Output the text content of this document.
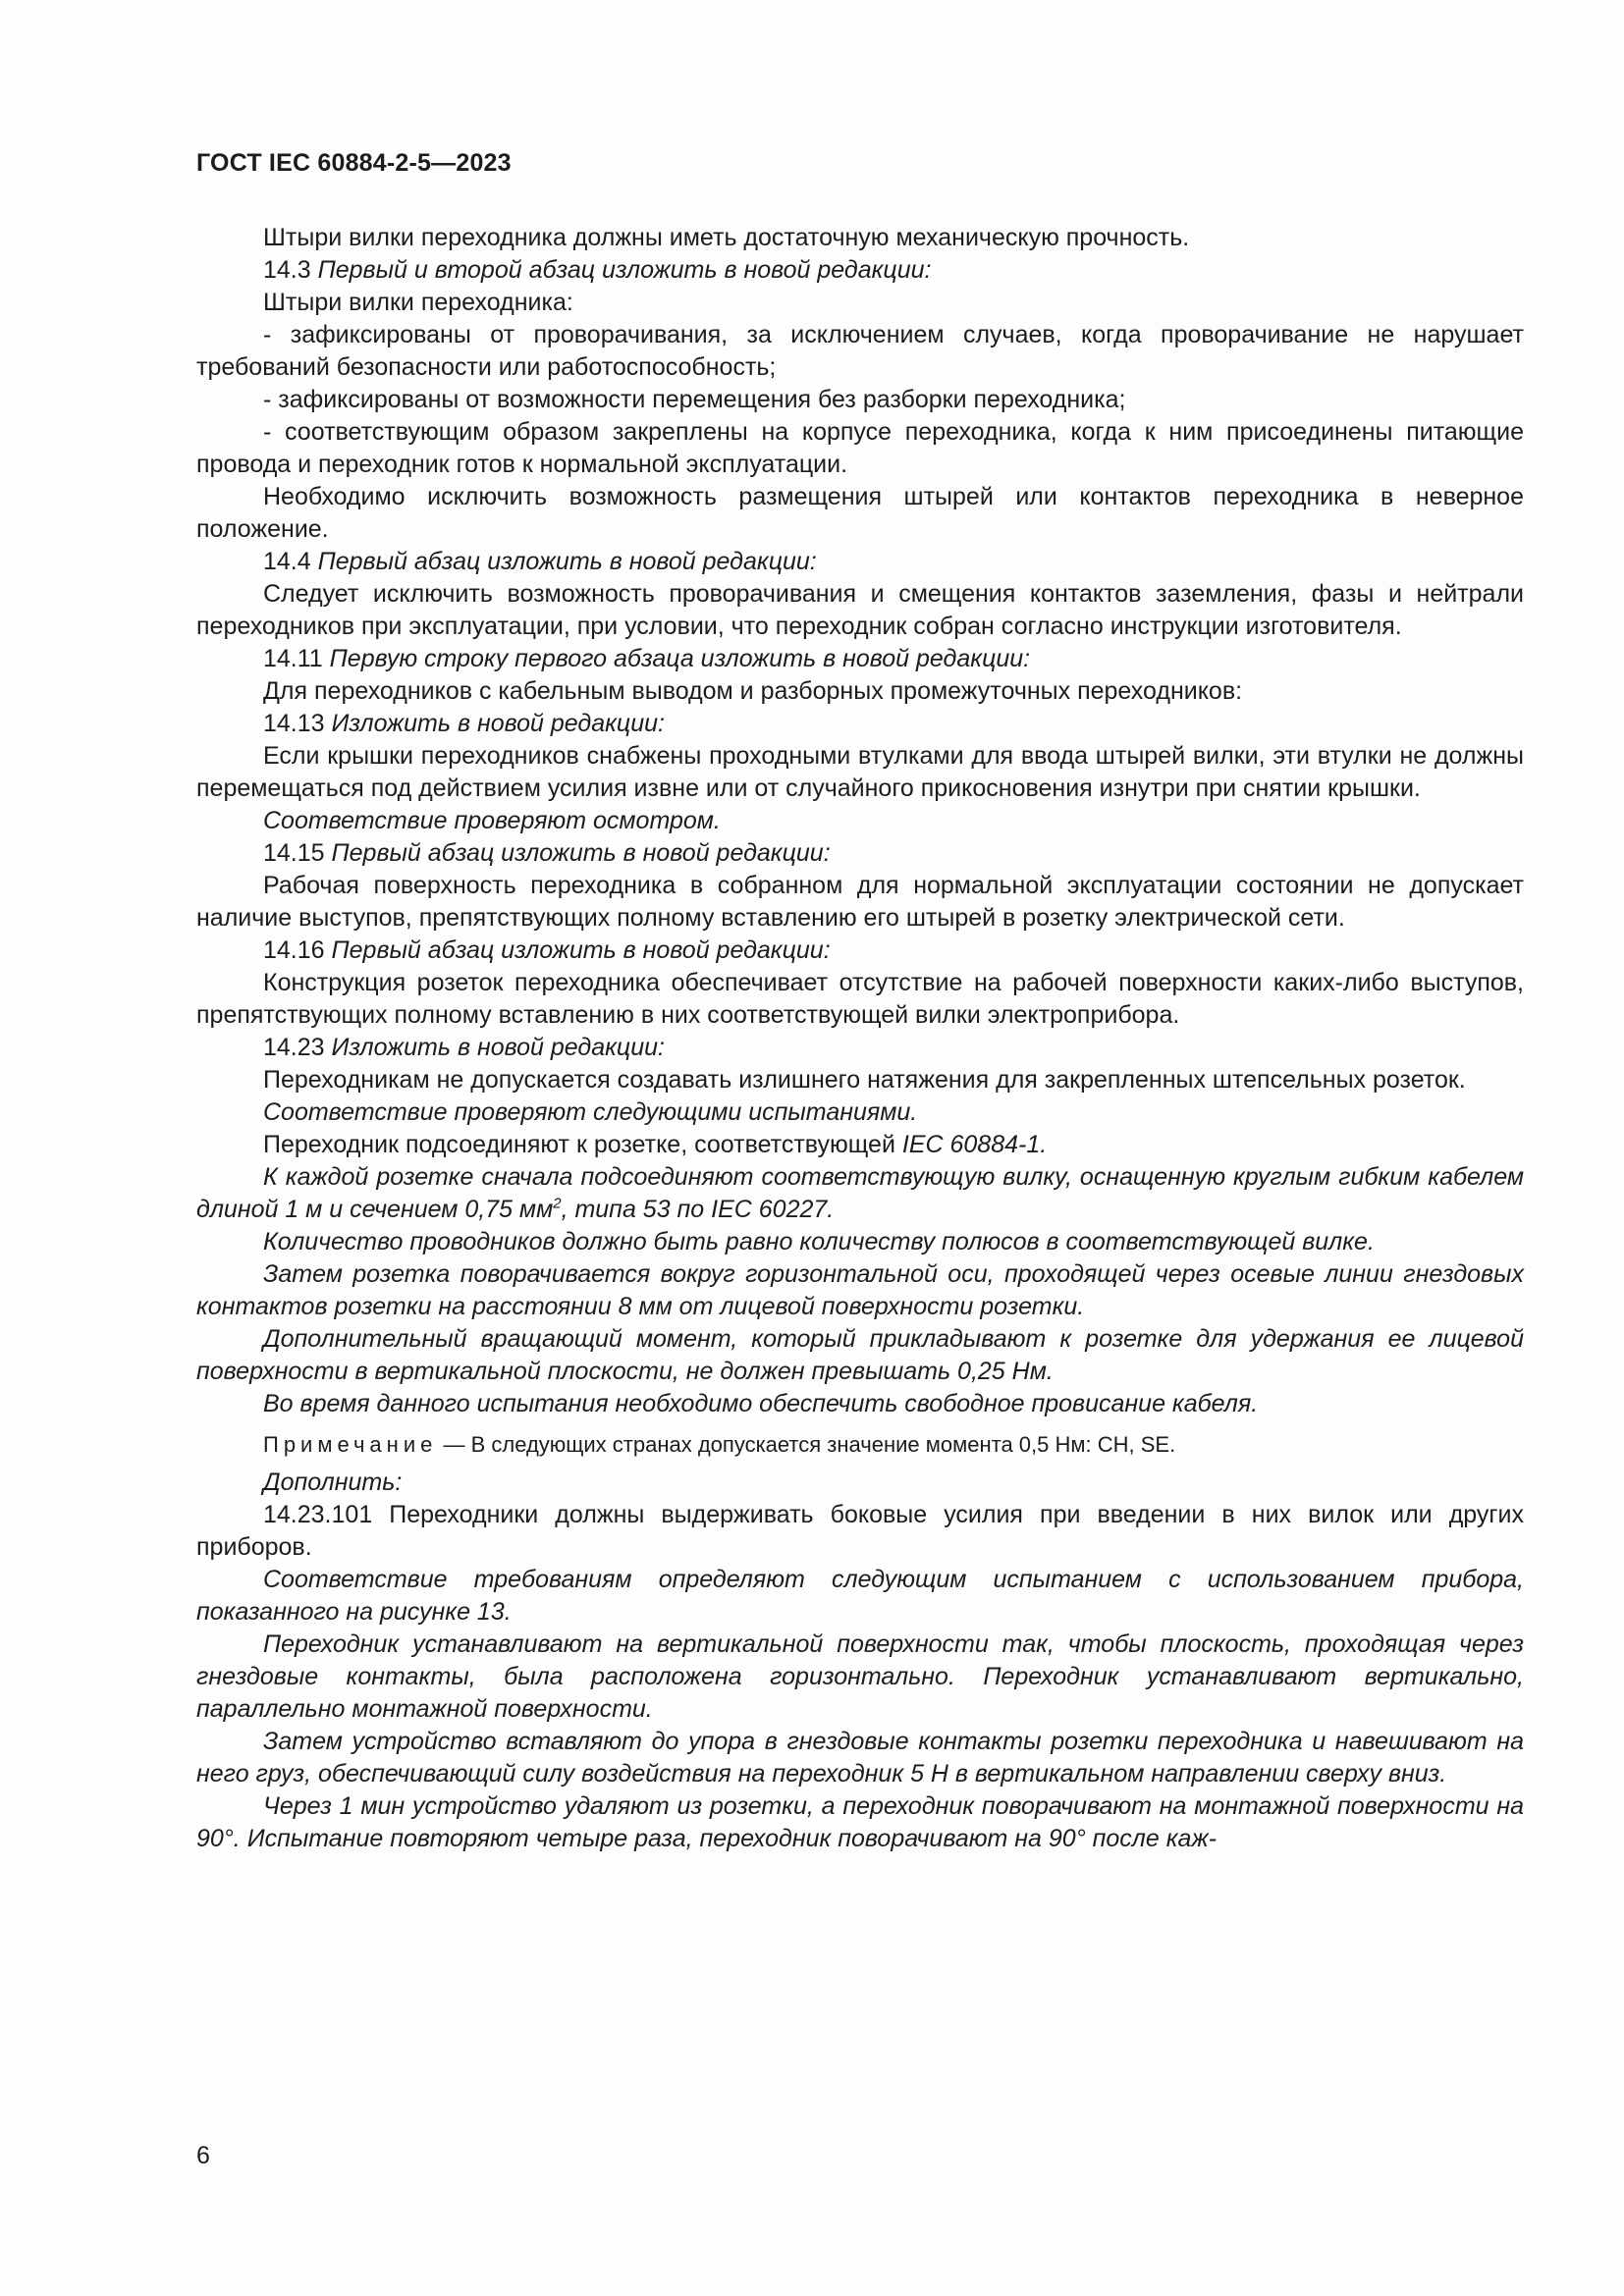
ГОСТ IEC 60884-2-5—2023

Штыри вилки переходника должны иметь достаточную механическую прочность.

14.3 Первый и второй абзац изложить в новой редакции:

Штыри вилки переходника:

- зафиксированы от проворачивания, за исключением случаев, когда проворачивание не нарушает требований безопасности или работоспособность;

- зафиксированы от возможности перемещения без разборки переходника;

- соответствующим образом закреплены на корпусе переходника, когда к ним присоединены питающие провода и переходник готов к нормальной эксплуатации.

Необходимо исключить возможность размещения штырей или контактов переходника в неверное положение.

14.4 Первый абзац изложить в новой редакции:

Следует исключить возможность проворачивания и смещения контактов заземления, фазы и нейтрали переходников при эксплуатации, при условии, что переходник собран согласно инструкции изготовителя.

14.11 Первую строку первого абзаца изложить в новой редакции:

Для переходников с кабельным выводом и разборных промежуточных переходников:

14.13 Изложить в новой редакции:

Если крышки переходников снабжены проходными втулками для ввода штырей вилки, эти втулки не должны перемещаться под действием усилия извне или от случайного прикосновения изнутри при снятии крышки.

Соответствие проверяют осмотром.

14.15 Первый абзац изложить в новой редакции:

Рабочая поверхность переходника в собранном для нормальной эксплуатации состоянии не допускает наличие выступов, препятствующих полному вставлению его штырей в розетку электрической сети.

14.16 Первый абзац изложить в новой редакции:

Конструкция розеток переходника обеспечивает отсутствие на рабочей поверхности каких-либо выступов, препятствующих полному вставлению в них соответствующей вилки электроприбора.

14.23 Изложить в новой редакции:

Переходникам не допускается создавать излишнего натяжения для закрепленных штепсельных розеток.

Соответствие проверяют следующими испытаниями.

Переходник подсоединяют к розетке, соответствующей IEC 60884-1.

К каждой розетке сначала подсоединяют соответствующую вилку, оснащенную круглым гибким кабелем длиной 1 м и сечением 0,75 $мм^2$, типа 53 по IEC 60227.

Количество проводников должно быть равно количеству полюсов в соответствующей вилке.

Затем розетка поворачивается вокруг горизонтальной оси, проходящей через осевые линии гнездовых контактов розетки на расстоянии 8 мм от лицевой поверхности розетки.

Дополнительный вращающий момент, который прикладывают к розетке для удержания ее лицевой поверхности в вертикальной плоскости, не должен превышать 0,25 Нм.

Во время данного испытания необходимо обеспечить свободное провисание кабеля.

Примечание — В следующих странах допускается значение момента 0,5 Нм: CH, SE.

Дополнить:

14.23.101 Переходники должны выдерживать боковые усилия при введении в них вилок или других приборов.

Соответствие требованиям определяют следующим испытанием с использованием прибора, показанного на рисунке 13.

Переходник устанавливают на вертикальной поверхности так, чтобы плоскость, проходящая через гнездовые контакты, была расположена горизонтально. Переходник устанавливают вертикально, параллельно монтажной поверхности.

Затем устройство вставляют до упора в гнездовые контакты розетки переходника и навешивают на него груз, обеспечивающий силу воздействия на переходник 5 Н в вертикальном направлении сверху вниз.

Через 1 мин устройство удаляют из розетки, а переходник поворачивают на монтажной поверхности на 90°. Испытание повторяют четыре раза, переходник поворачивают на 90° после каж-

6
